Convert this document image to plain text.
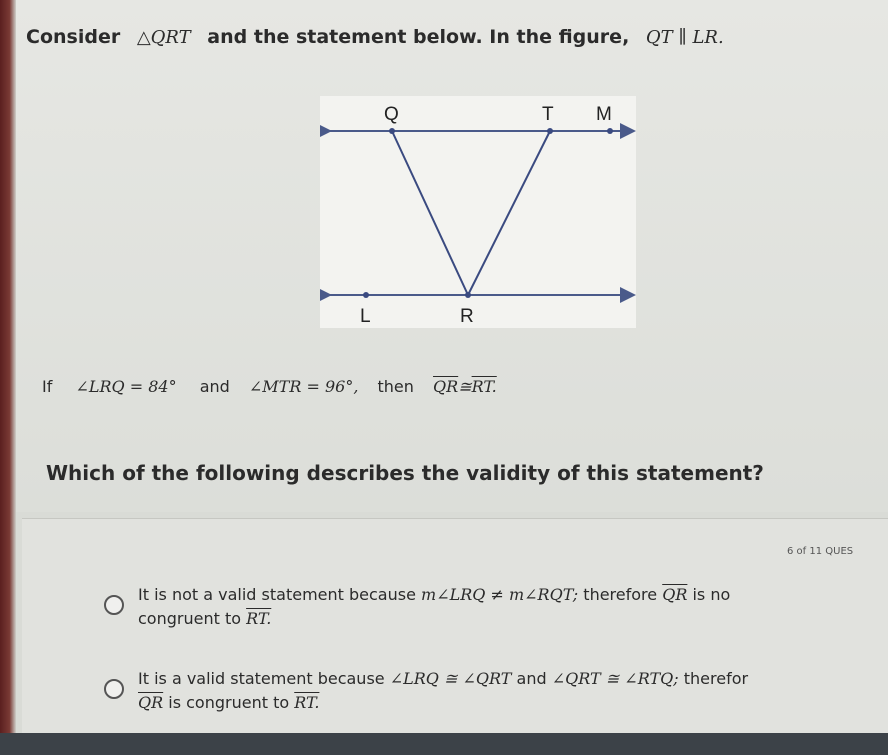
Consider △QRT and the statement below. In the figure, QT ∥ LR.
Q	T M
L	R
If ∠LRQ = 84° and ∠MTR = 96°, then $\overline{QR}≅RT$.
Which of the following describes the validity of this statement?
6 of 11 QUES
It is not a valid statement because m∠LRQ ≠ m∠RQT; therefore $\overline{QR}$ is no
congruent to RT.
It is a valid statement because ∠LRQ ≅ ∠QRT and ∠QRT ≅ ∠RTQ; therefor
$\overline{QR}$ is congruent to RT.
